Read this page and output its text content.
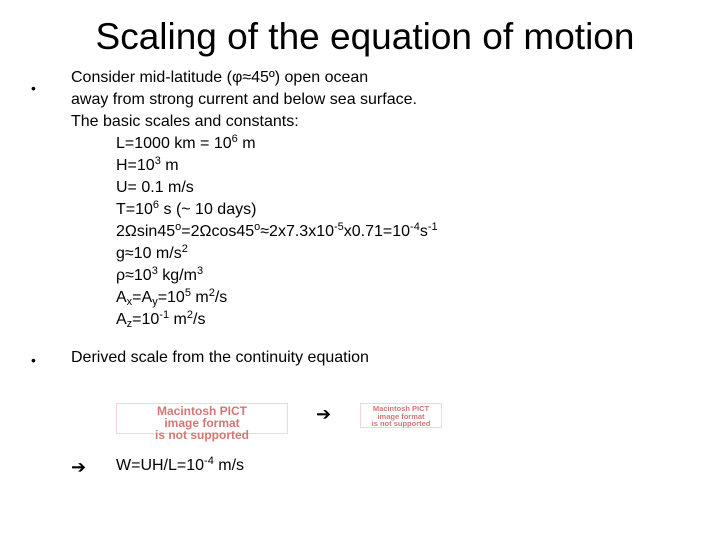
Scaling of the equation of motion
•
Consider mid-latitude (φ≈45º) open ocean
away from strong current and below sea surface.
The basic scales and constants:
L=1000 km = $10^6$ m
$H=10^3$ m
U= 0.1 m/s
$T=10^6$ s (~ 10 days)
$2\Omega\sin 45^o=2\Omega\cos 45^o\approx 2x7.3x10^{-5}x0.71=10^{-4}s^{-1}$
g≈10 $m/s^2$
$\rho\approx 10^3$ $kg/m^3$
$A_x=A_y=10^5$ $m^2/s$
$A_z=10^{-1}$ $m^2/s$
• Derived scale from the continuity equation
Macintosh PICT
image format
is not supported
➔	Macintosh PICT
image format
is not supported
➔ $W=UH/L=10^{-4}$ m/s
